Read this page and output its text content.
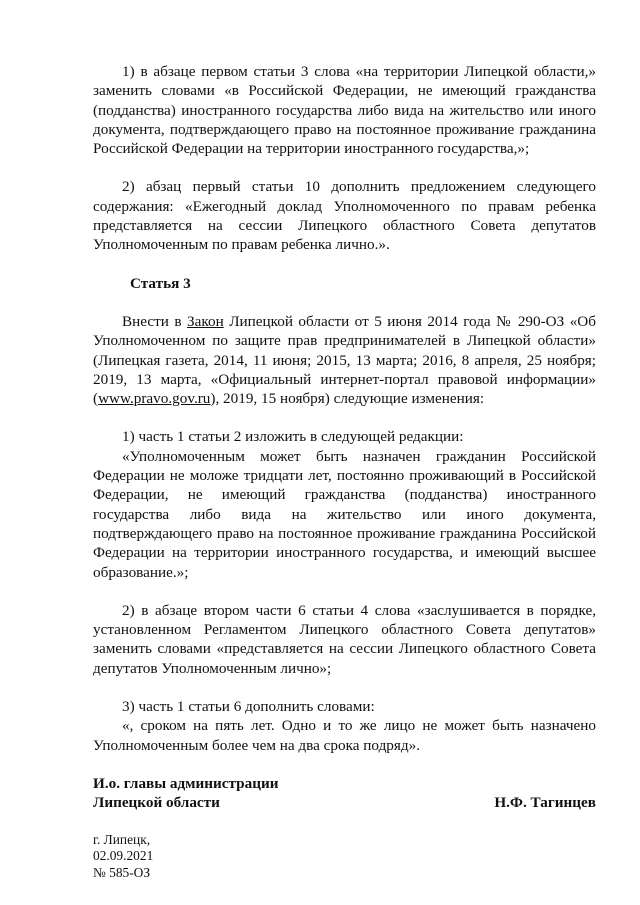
1) в абзаце первом статьи 3 слова «на территории Липецкой области,» заменить словами «в Российской Федерации, не имеющий гражданства (подданства) иностранного государства либо вида на жительство или иного документа, подтверждающего право на постоянное проживание гражданина Российской Федерации на территории иностранного государства,»;

2) абзац первый статьи 10 дополнить предложением следующего содержания: «Ежегодный доклад Уполномоченного по правам ребенка представляется на сессии Липецкого областного Совета депутатов Уполномоченным по правам ребенка лично.».

Статья 3

Внести в Закон Липецкой области от 5 июня 2014 года № 290-ОЗ «Об Уполномоченном по защите прав предпринимателей в Липецкой области» (Липецкая газета, 2014, 11 июня; 2015, 13 марта; 2016, 8 апреля, 25 ноября; 2019, 13 марта, «Официальный интернет-портал правовой информации» (www.pravo.gov.ru), 2019, 15 ноября) следующие изменения:

1) часть 1 статьи 2 изложить в следующей редакции:

«Уполномоченным может быть назначен гражданин Российской Федерации не моложе тридцати лет, постоянно проживающий в Российской Федерации, не имеющий гражданства (подданства) иностранного государства либо вида на жительство или иного документа, подтверждающего право на постоянное проживание гражданина Российской Федерации на территории иностранного государства, и имеющий высшее образование.»;

2) в абзаце втором части 6 статьи 4 слова «заслушивается в порядке, установленном Регламентом Липецкого областного Совета депутатов» заменить словами «представляется на сессии Липецкого областного Совета депутатов Уполномоченным лично»;

3) часть 1 статьи 6 дополнить словами:

«, сроком на пять лет. Одно и то же лицо не может быть назначено Уполномоченным более чем на два срока подряд».

И.о. главы администрации

Липецкой области	Н.Ф. Тагинцев

г. Липецк,

02.09.2021

№ 585-ОЗ
